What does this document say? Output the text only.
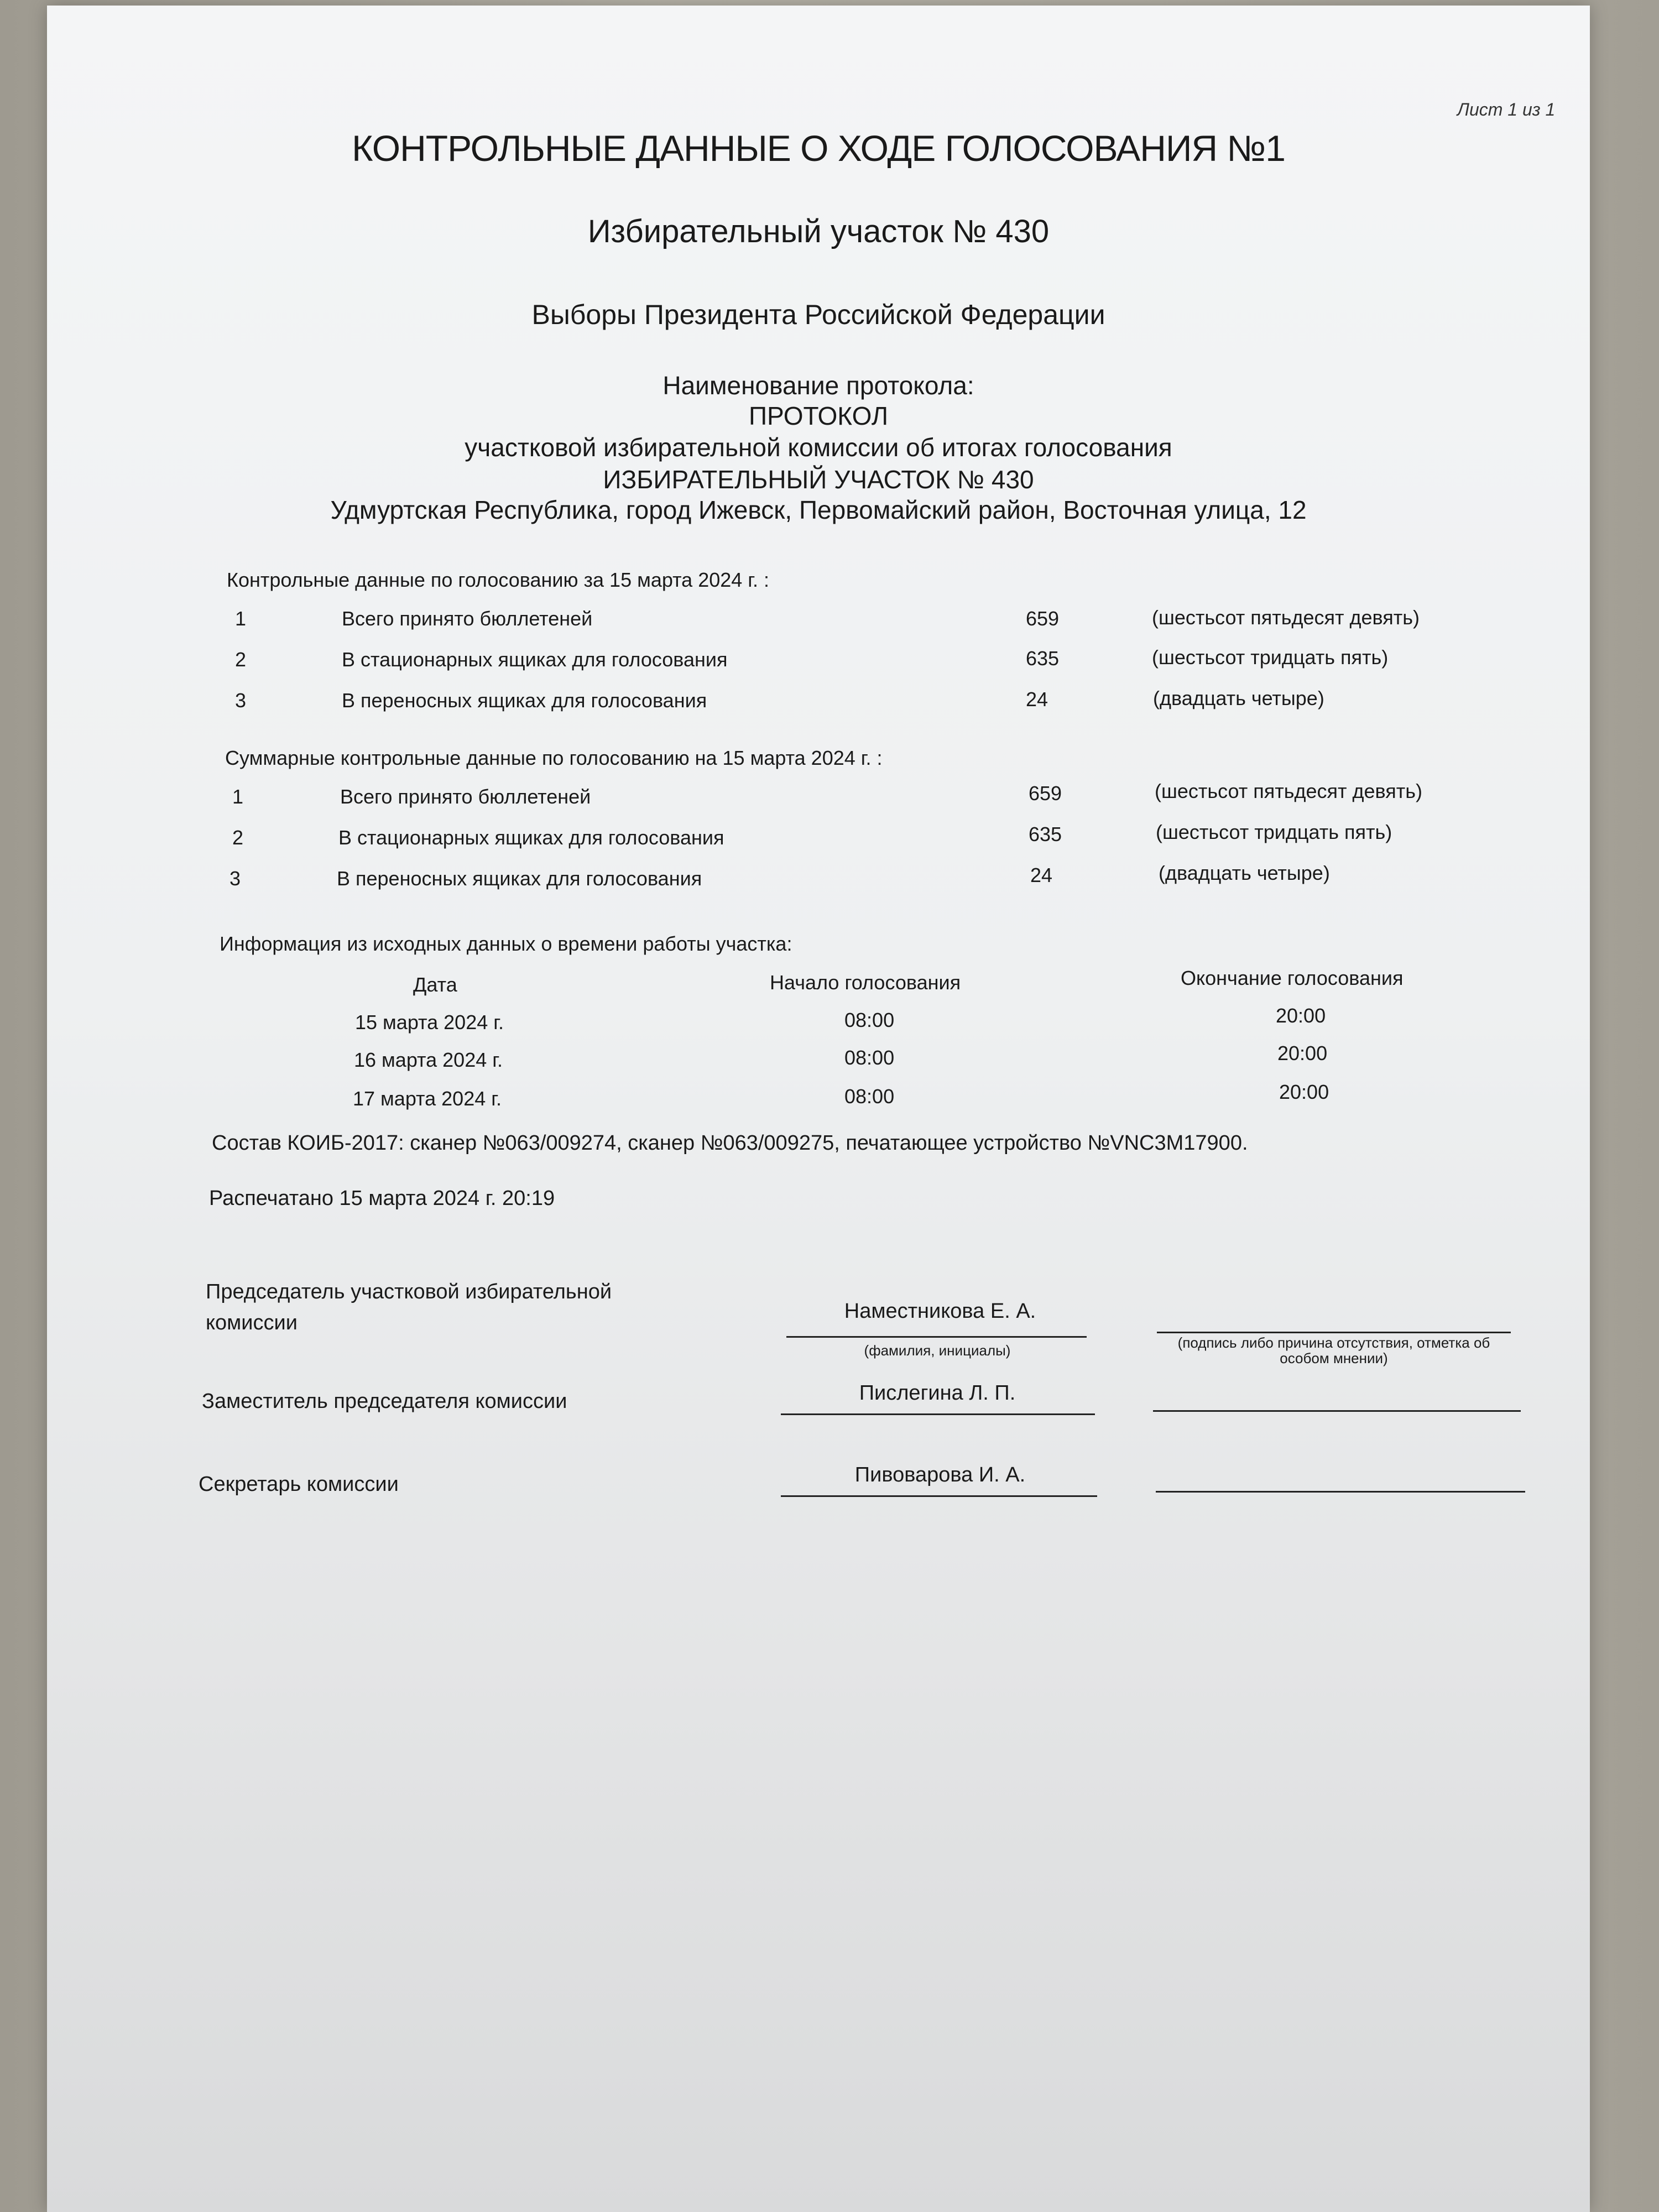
Лист 1 из 1
КОНТРОЛЬНЫЕ ДАННЫЕ О ХОДЕ ГОЛОСОВАНИЯ №1
Избирательный участок № 430
Выборы Президента Российской Федерации
Наименование протокола:
ПРОТОКОЛ
участковой избирательной комиссии об итогах голосования
ИЗБИРАТЕЛЬНЫЙ УЧАСТОК № 430
Удмуртская Республика, город Ижевск, Первомайский район, Восточная улица, 12
Контрольные данные по голосованию за 15 марта 2024 г. :
1	Всего принято бюллетеней	659	(шестьсот пятьдесят девять)
2	В стационарных ящиках для голосования	635	(шестьсот тридцать пять)
3	В переносных ящиках для голосования	24	(двадцать четыре)
Суммарные контрольные данные по голосованию на 15 марта 2024 г. :
1	Всего принято бюллетеней	659	(шестьсот пятьдесят девять)
2	В стационарных ящиках для голосования	635	(шестьсот тридцать пять)
3	В переносных ящиках для голосования	24	(двадцать четыре)
Информация из исходных данных о времени работы участка:
Дата	Начало голосования	Окончание голосования
15 марта 2024 г.	08:00	20:00
16 марта 2024 г.	08:00	20:00
17 марта 2024 г.	08:00	20:00
Состав КОИБ-2017: сканер №063/009274, сканер №063/009275, печатающее устройство №VNC3M17900.
Распечатано 15 марта 2024 г. 20:19
Председатель участковой избирательной комиссии	Наместникова Е. А.
(фамилия, инициалы)	(подпись либо причина отсутствия, отметка об особом мнении)
Заместитель председателя комиссии	Пислегина Л. П.
Секретарь комиссии	Пивоварова И. А.
